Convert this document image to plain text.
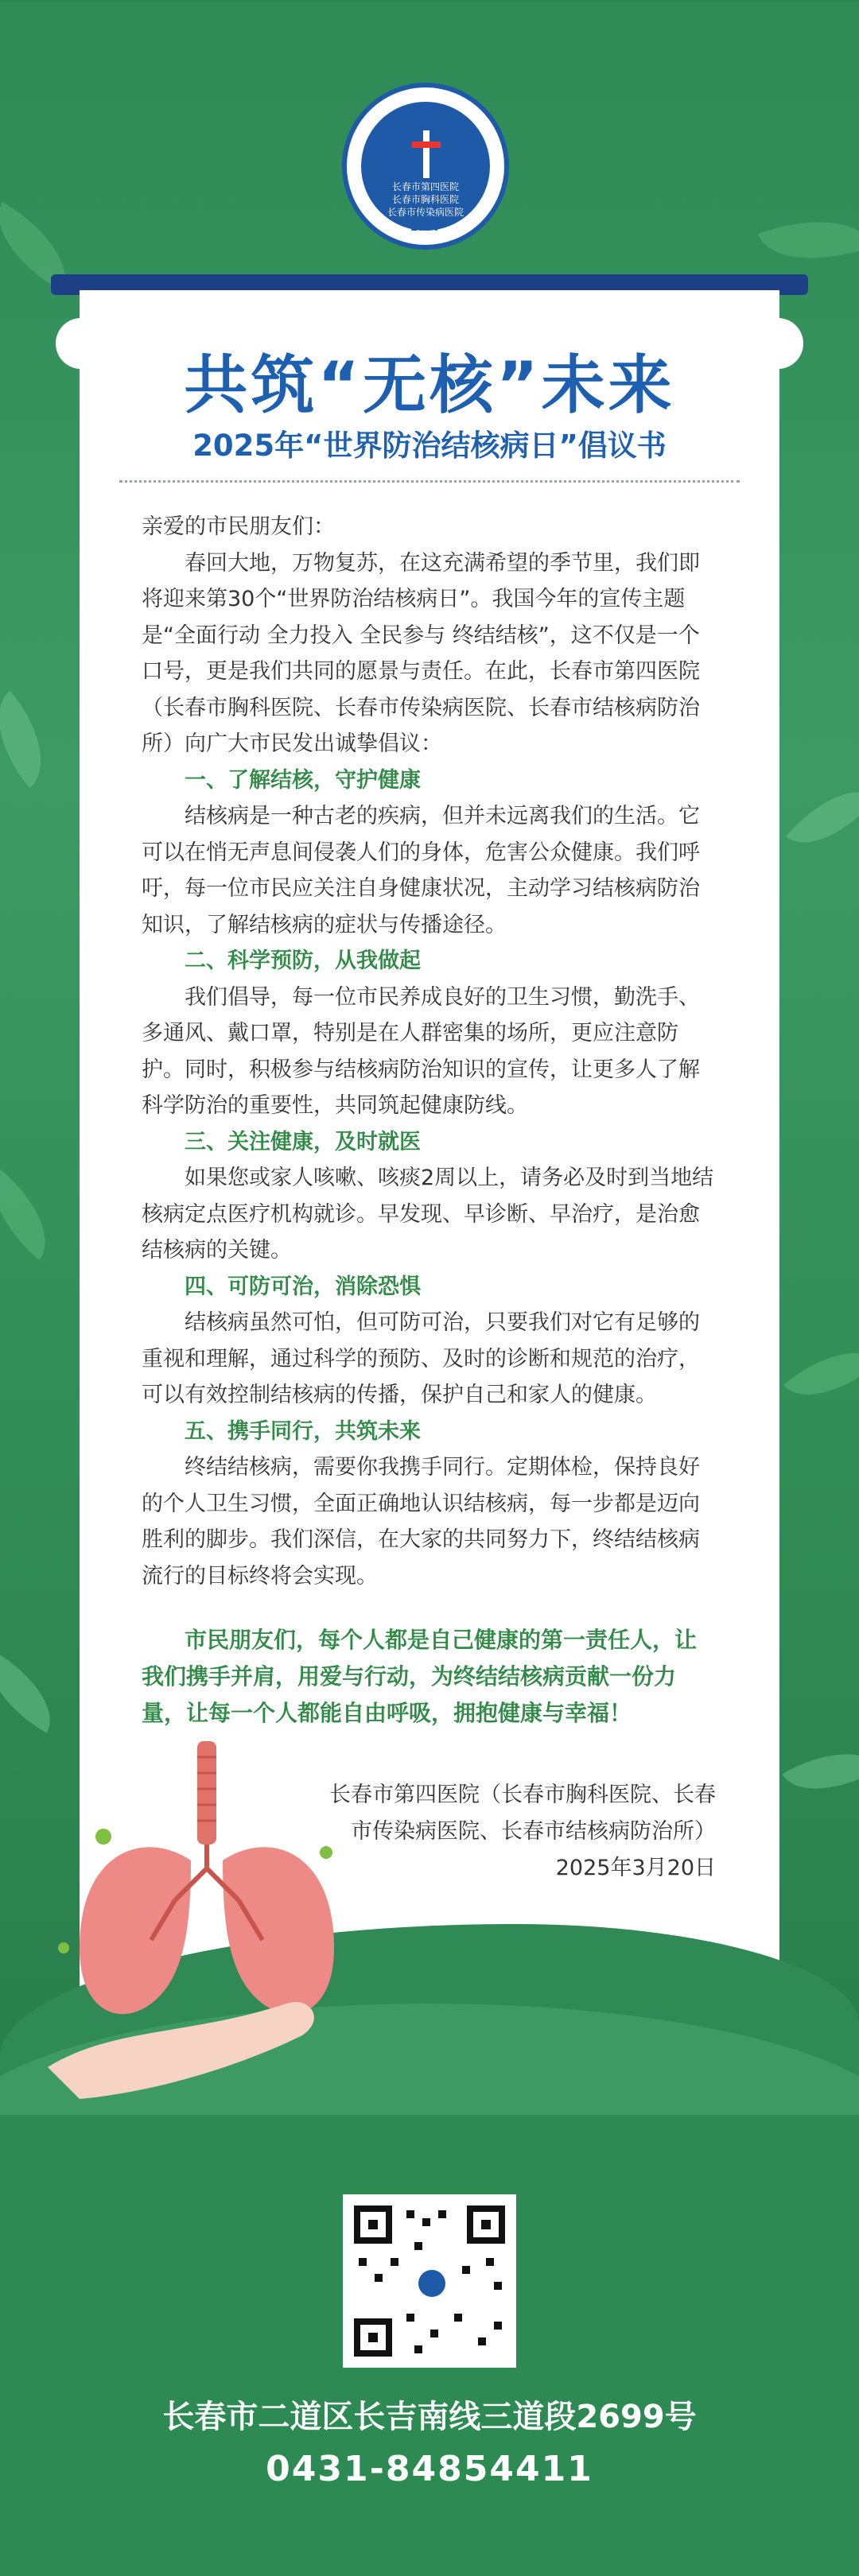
长春市第四医院
长春市胸科医院
长春市传染病医院
1957
共筑“无核”未来
2025年“世界防治结核病日”倡议书

亲爱的市民朋友们：

春回大地，万物复苏，在这充满希望的季节里，我们即将迎来第30个“世界防治结核病日”。我国今年的宣传主题是“全面行动 全力投入 全民参与 终结结核”，这不仅是一个口号，更是我们共同的愿景与责任。在此，长春市第四医院（长春市胸科医院、长春市传染病医院、长春市结核病防治所）向广大市民发出诚挚倡议：

一、了解结核，守护健康

结核病是一种古老的疾病，但并未远离我们的生活。它可以在悄无声息间侵袭人们的身体，危害公众健康。我们呼吁，每一位市民应关注自身健康状况，主动学习结核病防治知识，了解结核病的症状与传播途径。

二、科学预防，从我做起

我们倡导，每一位市民养成良好的卫生习惯，勤洗手、多通风、戴口罩，特别是在人群密集的场所，更应注意防护。同时，积极参与结核病防治知识的宣传，让更多人了解科学防治的重要性，共同筑起健康防线。

三、关注健康，及时就医

如果您或家人咳嗽、咳痰2周以上，请务必及时到当地结核病定点医疗机构就诊。早发现、早诊断、早治疗，是治愈结核病的关键。

四、可防可治，消除恐惧

结核病虽然可怕，但可防可治，只要我们对它有足够的重视和理解，通过科学的预防、及时的诊断和规范的治疗，可以有效控制结核病的传播，保护自己和家人的健康。

五、携手同行，共筑未来

终结结核病，需要你我携手同行。定期体检，保持良好的个人卫生习惯，全面正确地认识结核病，每一步都是迈向胜利的脚步。我们深信，在大家的共同努力下，终结结核病流行的目标终将会实现。

市民朋友们，每个人都是自己健康的第一责任人，让我们携手并肩，用爱与行动，为终结结核病贡献一份力量，让每一个人都能自由呼吸，拥抱健康与幸福！
长春市第四医院（长春市胸科医院、长春市传染病医院、长春市结核病防治所）
2025年3月20日
长春市二道区长吉南线三道段2699号
0431-84854411
